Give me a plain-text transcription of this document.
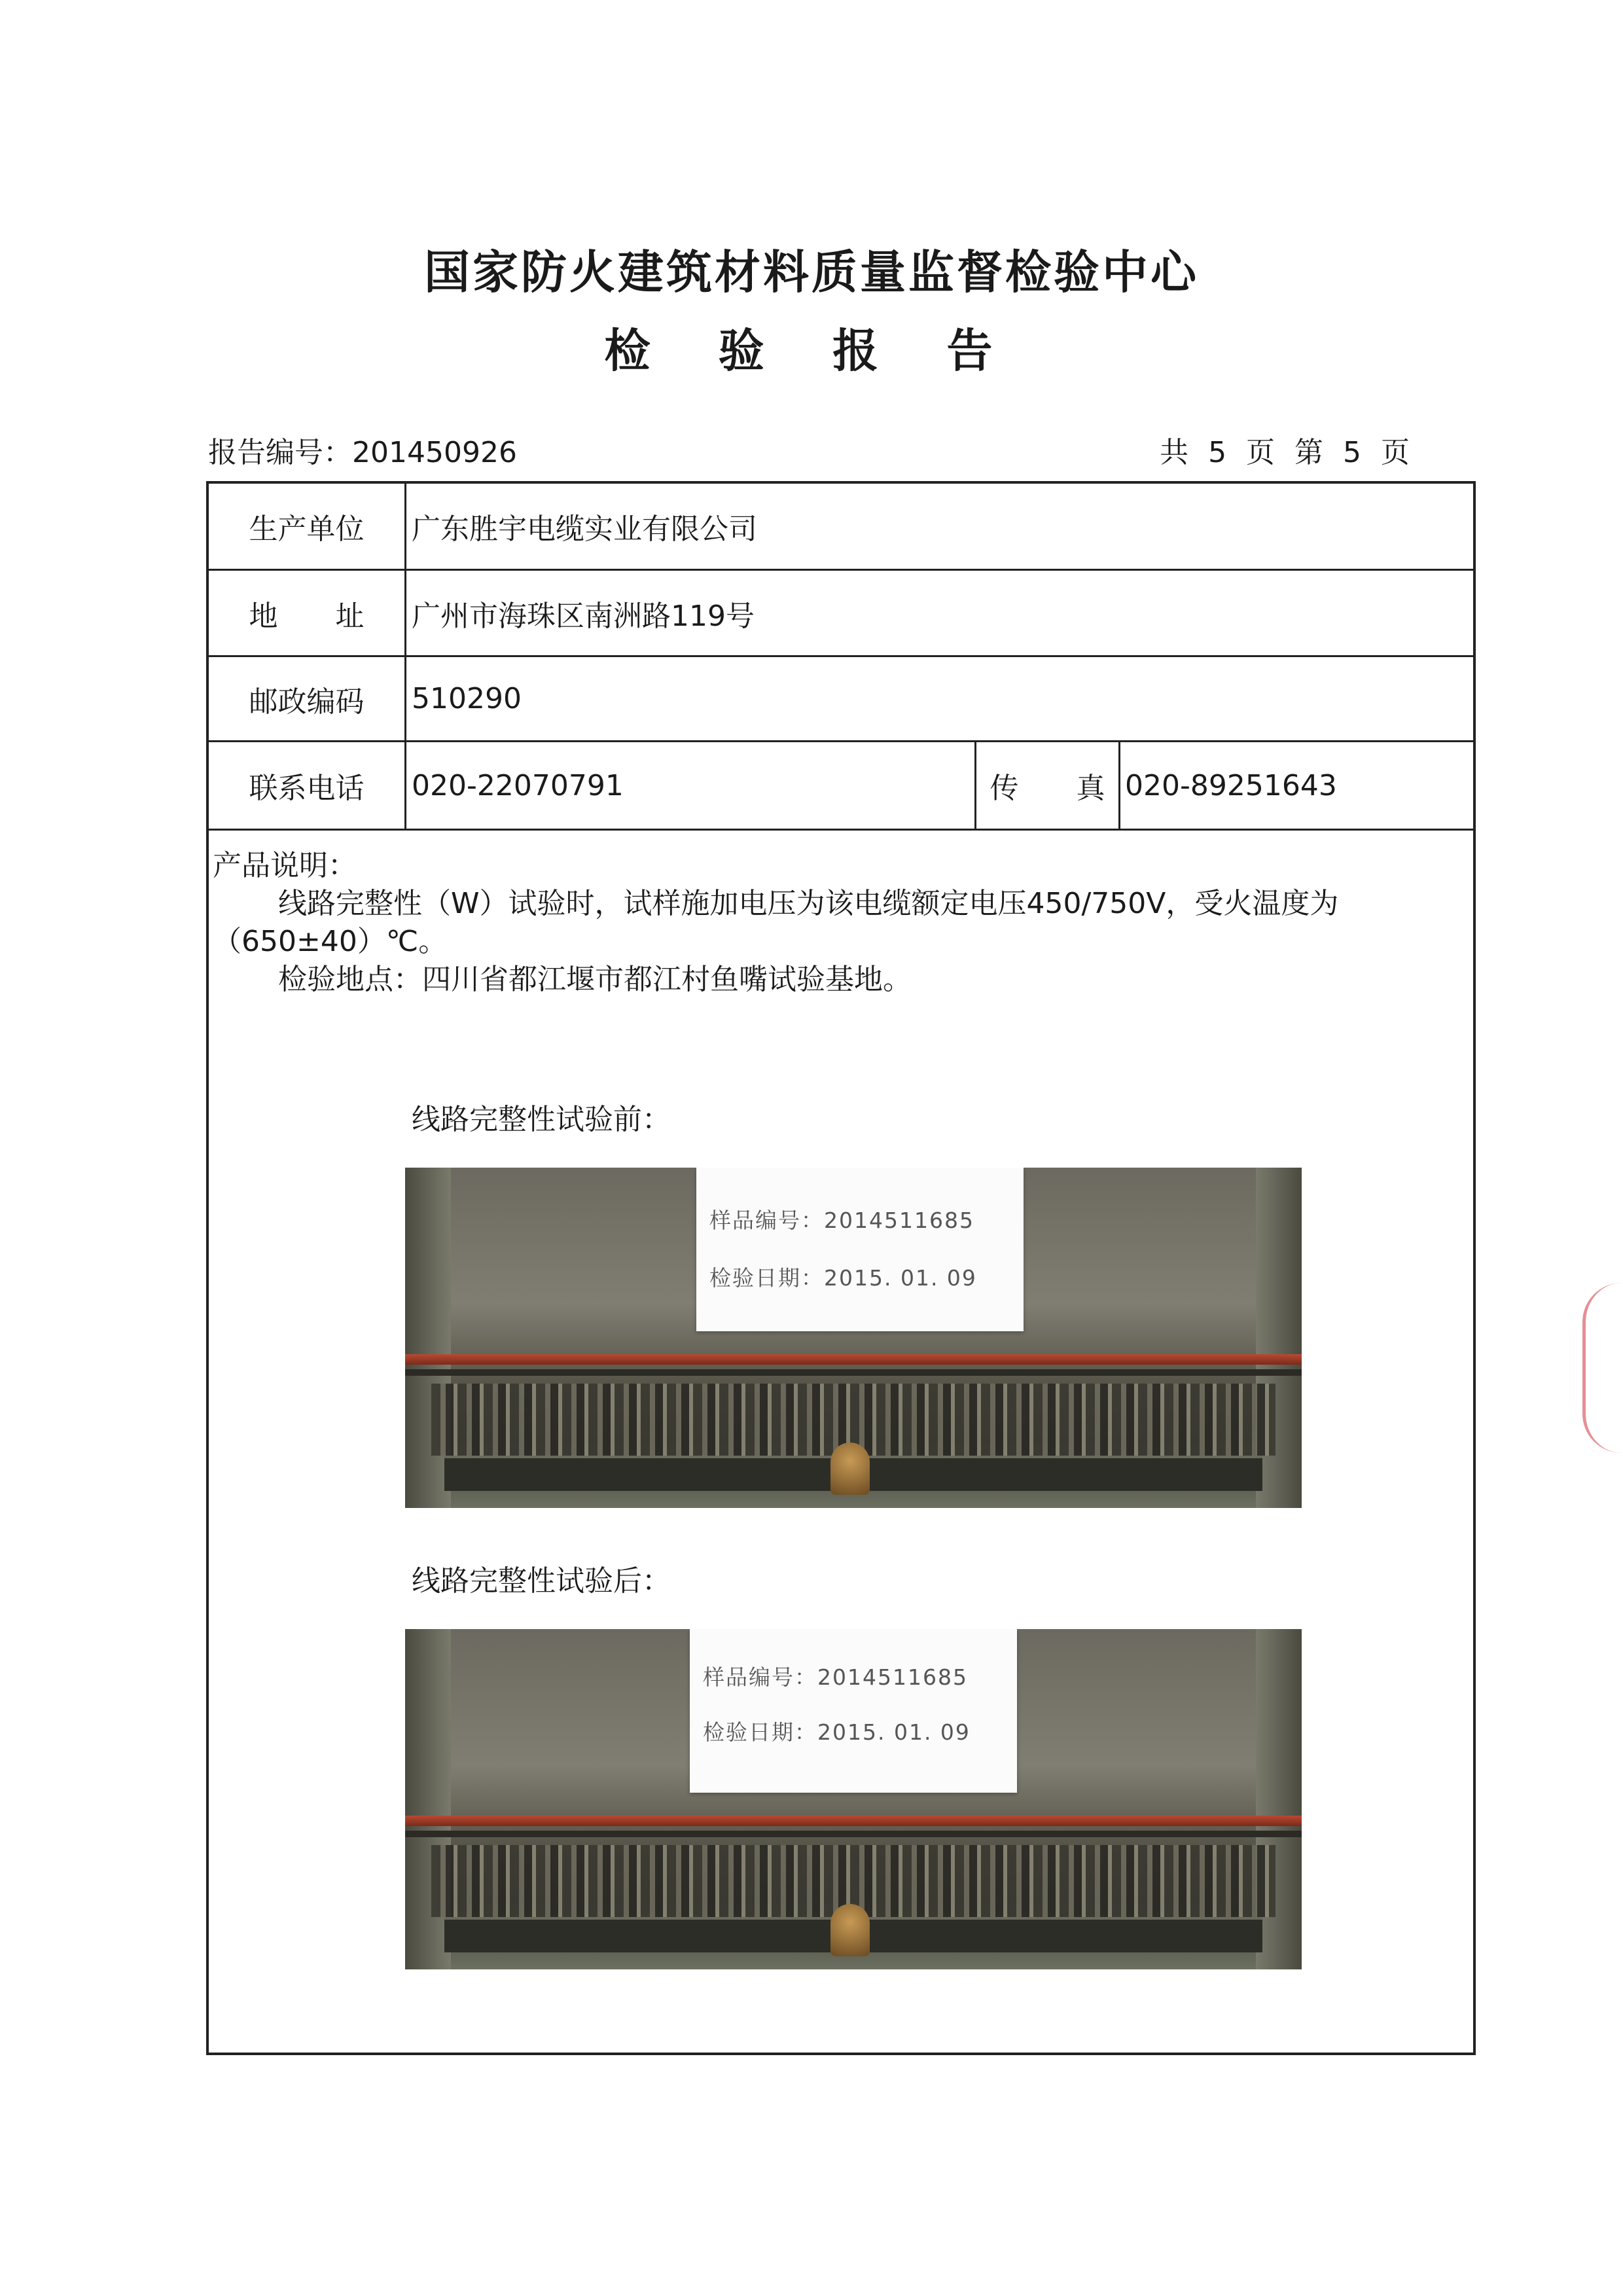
国家防火建筑材料质量监督检验中心
检 验 报 告
报告编号：201450926	共 5 页 第 5 页
生产单位	广东胜宇电缆实业有限公司
地　　址	广州市海珠区南洲路119号
邮政编码	510290
联系电话	020-22070791	传　　真 020-89251643

产品说明：

线路完整性（W）试验时，试样施加电压为该电缆额定电压450/750V，受火温度为（650±40）℃。

检验地点：四川省都江堰市都江村鱼嘴试验基地。

线路完整性试验前：
样品编号：2014511685
检验日期：2015. 01. 09
线路完整性试验后：
样品编号：2014511685
检验日期：2015. 01. 09
